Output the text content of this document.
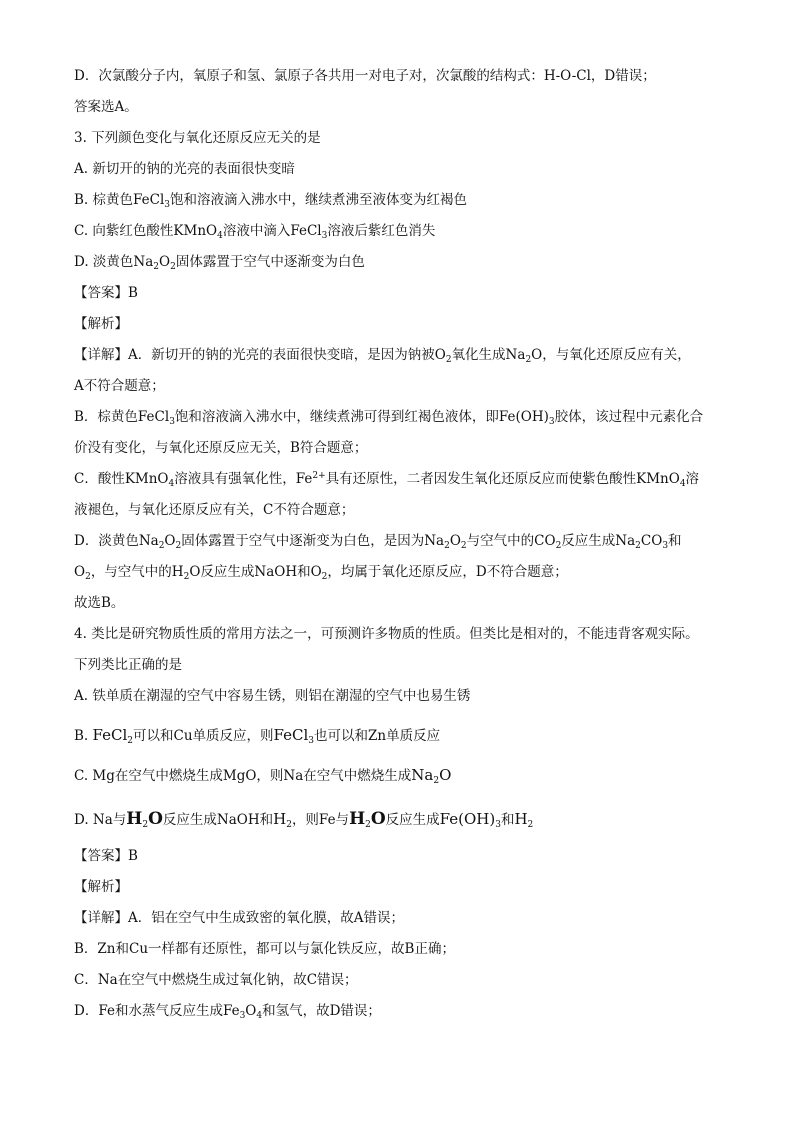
D．次氯酸分子内，氧原子和氢、氯原子各共用一对电子对，次氯酸的结构式：H-O-Cl，D错误；
答案选A。
3. 下列颜色变化与氧化还原反应无关的是
A. 新切开的钠的光亮的表面很快变暗
B. 棕黄色FeCl$_3$饱和溶液滴入沸水中，继续煮沸至液体变为红褐色
C. 向紫红色酸性KMnO$_4$溶液中滴入FeCl$_3$溶液后紫红色消失
D. 淡黄色$Na_2O_2$固体露置于空气中逐渐变为白色
【答案】B
【解析】
【详解】A．新切开的钠的光亮的表面很快变暗，是因为钠被$O_2$氧化生成$Na_2O$，与氧化还原反应有关，
A不符合题意；
B．棕黄色FeCl$_3$饱和溶液滴入沸水中，继续煮沸可得到红褐色液体，即$Fe(OH)_3$胶体，该过程中元素化合
价没有变化，与氧化还原反应无关，B符合题意；
C．酸性KMnO$_4$溶液具有强氧化性，$Fe^{2+}$具有还原性，二者因发生氧化还原反应而使紫色酸性KMnO$_4$溶
液褪色，与氧化还原反应有关，C不符合题意；
D．淡黄色$Na_2O_2$固体露置于空气中逐渐变为白色，是因为$Na_2O_2$与空气中的$CO_2$反应生成$Na_2CO_3$和
$O_2$，与空气中的$H_2O$反应生成NaOH和$O_2$，均属于氧化还原反应，D不符合题意；
故选B。
4. 类比是研究物质性质的常用方法之一，可预测许多物质的性质。但类比是相对的，不能违背客观实际。
下列类比正确的是
A. 铁单质在潮湿的空气中容易生锈，则铝在潮湿的空气中也易生锈
B. FeCl$_2$可以和Cu单质反应，则FeCl$_3$也可以和Zn单质反应
C. Mg在空气中燃烧生成MgO，则Na在空气中燃烧生成$Na_2O$
D. Na与$H_2O$反应生成NaOH和$H_2$，则Fe与$H_2O$反应生成$Fe(OH)_3$和$H_2$
【答案】B
【解析】
【详解】A．铝在空气中生成致密的氧化膜，故A错误；
B．Zn和Cu一样都有还原性，都可以与氯化铁反应，故B正确；
C．Na在空气中燃烧生成过氧化钠，故C错误；
D．Fe和水蒸气反应生成$Fe_3O_4$和氢气，故D错误；
